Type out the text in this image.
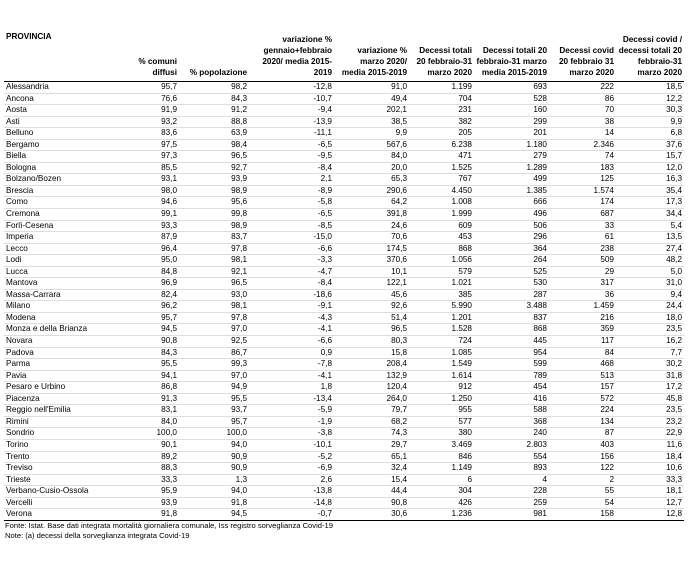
PROVINCIA	% comuni diffusi	% popolazione	variazione % gennaio+febbraio 2020/ media 2015-2019	variazione % marzo 2020/ media 2015-2019	Decessi totali 20 febbraio-31 marzo 2020	Decessi totali 20 febbraio-31 marzo media 2015-2019	Decessi covid 20 febbraio 31 marzo 2020	Decessi covid / decessi totali 20 febbraio-31 marzo 2020
Alessandria	95,7	98,2	-12,8	91,0	1.199	693	222	18,5
Ancona	76,6	84,3	-10,7	49,4	704	528	86	12,2
Aosta	91,9	91,2	-9,4	202,1	231	160	70	30,3
Asti	93,2	88,8	-13,9	38,5	382	299	38	9,9
Belluno	83,6	63,9	-11,1	9,9	205	201	14	6,8
Bergamo	97,5	98,4	-6,5	567,6	6.238	1.180	2.346	37,6
Biella	97,3	96,5	-9,5	84,0	471	279	74	15,7
Bologna	85,5	92,7	-8,4	20,0	1.525	1.289	183	12,0
Bolzano/Bozen	93,1	93,9	2,1	65,3	767	499	125	16,3
Brescia	98,0	98,9	-8,9	290,6	4.450	1.385	1.574	35,4
Como	94,6	95,6	-5,8	64,2	1.008	666	174	17,3
Cremona	99,1	99,8	-6,5	391,8	1.999	496	687	34,4
Forlì-Cesena	93,3	98,9	-8,5	24,6	609	506	33	5,4
Imperia	87,9	83,7	-15,0	70,6	453	296	61	13,5
Lecco	96,4	97,8	-6,6	174,5	868	364	238	27,4
Lodi	95,0	98,1	-3,3	370,6	1.056	264	509	48,2
Lucca	84,8	92,1	-4,7	10,1	579	525	29	5,0
Mantova	96,9	96,5	-8,4	122,1	1.021	530	317	31,0
Massa-Carrara	82,4	93,0	-18,6	45,6	385	287	36	9,4
Milano	96,2	98,1	-9,1	92,6	5.990	3.488	1.459	24,4
Modena	95,7	97,8	-4,3	51,4	1.201	837	216	18,0
Monza e della Brianza	94,5	97,0	-4,1	96,5	1.528	868	359	23,5
Novara	90,8	92,5	-6,6	80,3	724	445	117	16,2
Padova	84,3	86,7	0,9	15,8	1.085	954	84	7,7
Parma	95,5	99,3	-7,8	208,4	1.549	599	468	30,2
Pavia	94,1	97,0	-4,1	132,9	1.614	789	513	31,8
Pesaro e Urbino	86,8	94,9	1,8	120,4	912	454	157	17,2
Piacenza	91,3	95,5	-13,4	264,0	1.250	416	572	45,8
Reggio nell'Emilia	83,1	93,7	-5,9	79,7	955	588	224	23,5
Rimini	84,0	95,7	-1,9	68,2	577	368	134	23,2
Sondrio	100,0	100,0	-3,8	74,3	380	240	87	22,9
Torino	90,1	94,0	-10,1	29,7	3.469	2.803	403	11,6
Trento	89,2	90,9	-5,2	65,1	846	554	156	18,4
Treviso	88,3	90,9	-6,9	32,4	1.149	893	122	10,6
Trieste	33,3	1,3	2,6	15,4	6	4	2	33,3
Verbano-Cusio-Ossola	95,9	94,0	-13,8	44,4	304	228	55	18,1
Vercelli	93,9	91,8	-14,8	90,8	426	259	54	12,7
Verona	91,8	94,5	-0,7	30,6	1.236	981	158	12,8
Fonte: Istat. Base dati integrata mortalità giornaliera comunale, Iss registro sorveglianza Covid-19
Note: (a) decessi della sorveglianza integrata Covid-19
